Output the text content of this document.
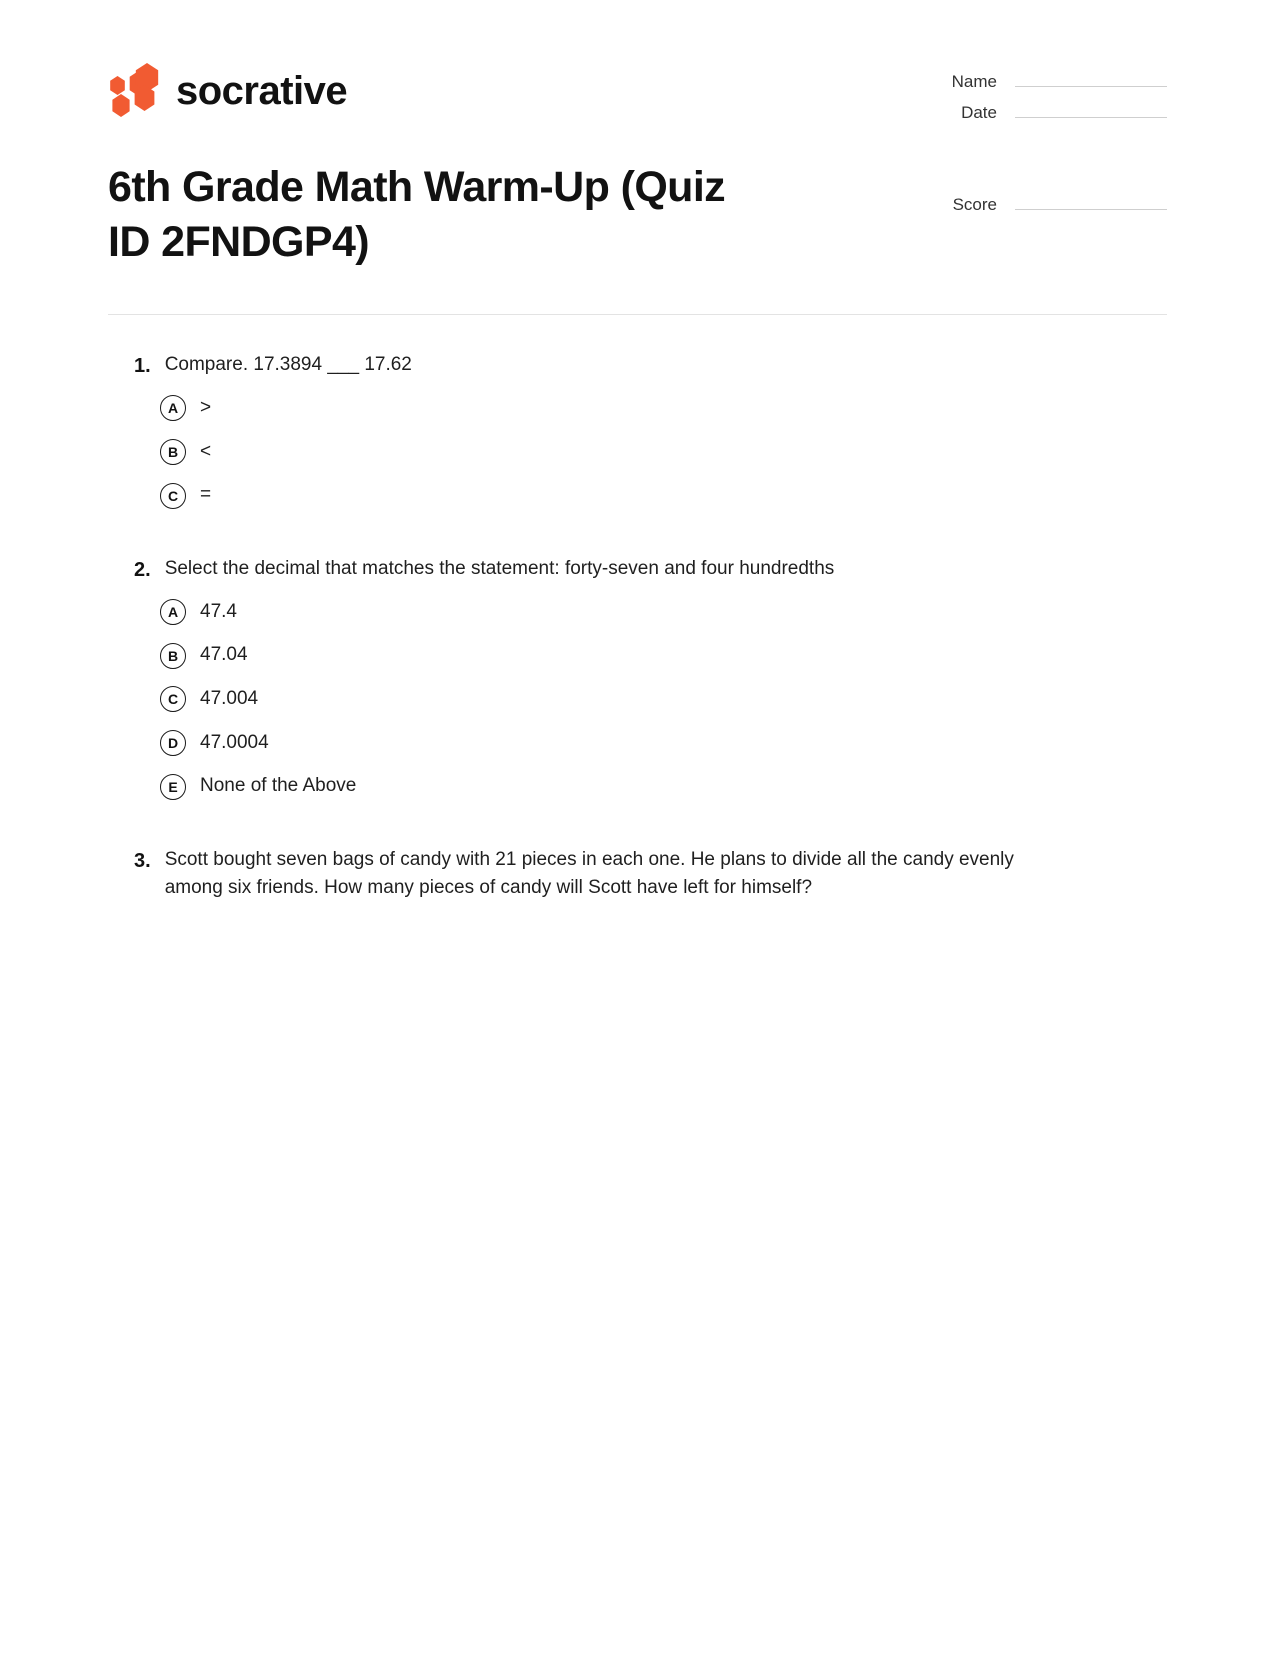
socrative	Name
Date
Score
6th Grade Math Warm-Up (Quiz ID 2FNDGP4)
1. Compare. 17.3894 ___ 17.62
A	>
B	<
C	=
2. Select the decimal that matches the statement: forty-seven and four hundredths
A	47.4
B	47.04
C	47.004
D	47.0004
E	None of the Above
3. Scott bought seven bags of candy with 21 pieces in each one. He plans to divide all the candy evenly among six friends. How many pieces of candy will Scott have left for himself?
